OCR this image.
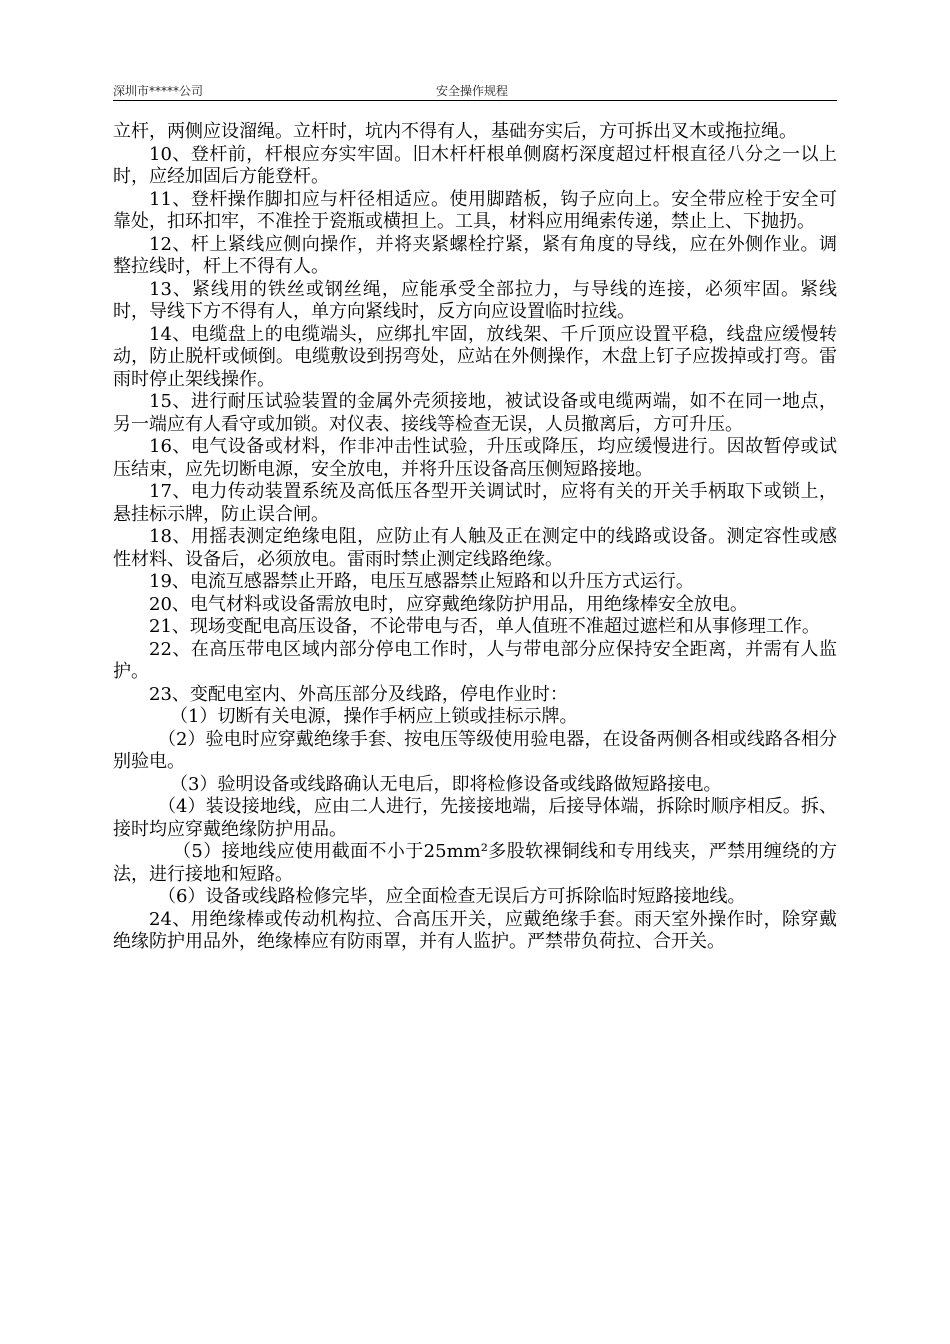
深圳市*****公司	安全操作规程

立杆，两侧应设溜绳。立杆时，坑内不得有人，基础夯实后，方可拆出叉木或拖拉绳。

10、登杆前，杆根应夯实牢固。旧木杆杆根单侧腐朽深度超过杆根直径八分之一以上时，应经加固后方能登杆。

11、登杆操作脚扣应与杆径相适应。使用脚踏板，钩子应向上。安全带应栓于安全可靠处，扣环扣牢，不准拴于瓷瓶或横担上。工具，材料应用绳索传递，禁止上、下抛扔。

12、杆上紧线应侧向操作，并将夹紧螺栓拧紧，紧有角度的导线，应在外侧作业。调整拉线时，杆上不得有人。

13、紧线用的铁丝或钢丝绳，应能承受全部拉力，与导线的连接，必须牢固。紧线时，导线下方不得有人，单方向紧线时，反方向应设置临时拉线。

14、电缆盘上的电缆端头，应绑扎牢固，放线架、千斤顶应设置平稳，线盘应缓慢转动，防止脱杆或倾倒。电缆敷设到拐弯处，应站在外侧操作，木盘上钉子应拨掉或打弯。雷雨时停止架线操作。

15、进行耐压试验装置的金属外壳须接地，被试设备或电缆两端，如不在同一地点，另一端应有人看守或加锁。对仪表、接线等检查无误，人员撤离后，方可升压。

16、电气设备或材料，作非冲击性试验，升压或降压，均应缓慢进行。因故暂停或试压结束，应先切断电源，安全放电，并将升压设备高压侧短路接地。

17、电力传动装置系统及高低压各型开关调试时，应将有关的开关手柄取下或锁上，悬挂标示牌，防止误合闸。

18、用摇表测定绝缘电阻，应防止有人触及正在测定中的线路或设备。测定容性或感性材料、设备后，必须放电。雷雨时禁止测定线路绝缘。

19、电流互感器禁止开路，电压互感器禁止短路和以升压方式运行。

20、电气材料或设备需放电时，应穿戴绝缘防护用品，用绝缘棒安全放电。

21、现场变配电高压设备，不论带电与否，单人值班不准超过遮栏和从事修理工作。

22、在高压带电区域内部分停电工作时，人与带电部分应保持安全距离，并需有人监护。

23、变配电室内、外高压部分及线路，停电作业时：

（1）切断有关电源，操作手柄应上锁或挂标示牌。

（2）验电时应穿戴绝缘手套、按电压等级使用验电器，在设备两侧各相或线路各相分别验电。

（3）验明设备或线路确认无电后，即将检修设备或线路做短路接电。

（4）装设接地线，应由二人进行，先接接地端，后接导体端，拆除时顺序相反。拆、接时均应穿戴绝缘防护用品。

（5）接地线应使用截面不小于25mm²多股软裸铜线和专用线夹，严禁用缠绕的方法，进行接地和短路。

（6）设备或线路检修完毕，应全面检查无误后方可拆除临时短路接地线。

24、用绝缘棒或传动机构拉、合高压开关，应戴绝缘手套。雨天室外操作时，除穿戴绝缘防护用品外，绝缘棒应有防雨罩，并有人监护。严禁带负荷拉、合开关。
